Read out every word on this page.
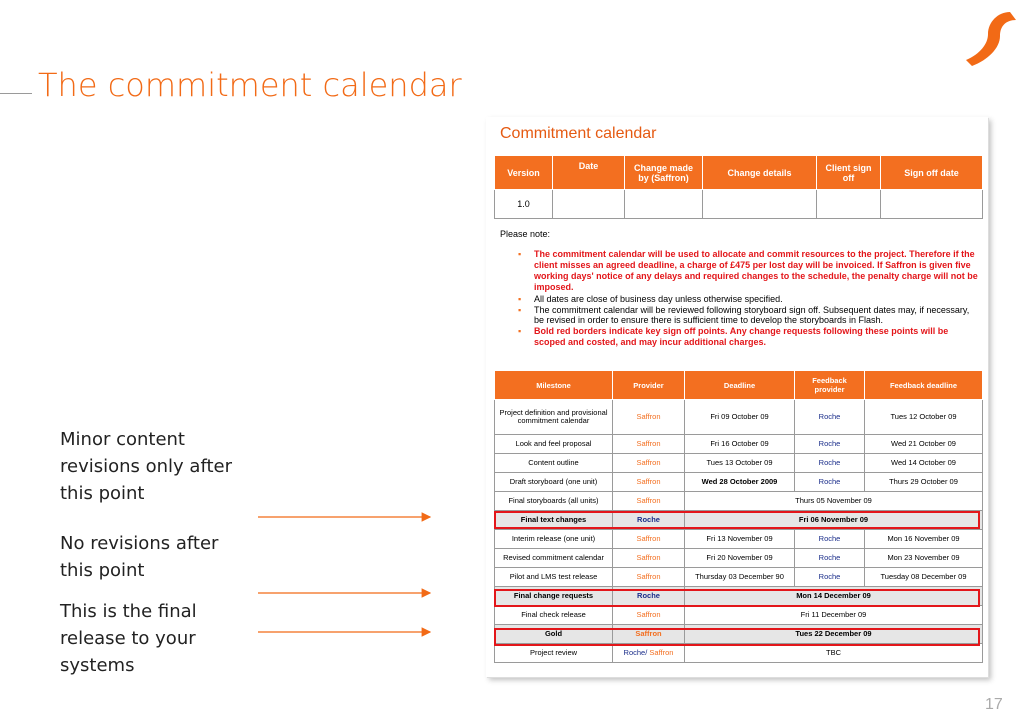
The commitment calendar
Minor content revisions only after this point
No revisions after this point
This is the final release to your systems
Commitment calendar
Version	Date	Change made by (Saffron)	Change details	Client sign off	Sign off date
1.0					
Please note:
▪ The commitment calendar will be used to allocate and commit resources to the project. Therefore if the client misses an agreed deadline, a charge of £475 per lost day will be invoiced. If Saffron is given five working days' notice of any delays and required changes to the schedule, the penalty charge will not be imposed.
▪ All dates are close of business day unless otherwise specified.
▪ The commitment calendar will be reviewed following storyboard sign off. Subsequent dates may, if necessary, be revised in order to ensure there is sufficient time to develop the storyboards in Flash.
▪ Bold red borders indicate key sign off points. Any change requests following these points will be scoped and costed, and may incur additional charges.
Milestone	Provider	Deadline	Feedback provider	Feedback deadline
Project definition and provisional commitment calendar	Saffron	Fri 09 October 09	Roche	Tues 12 October 09
Look and feel proposal	Saffron	Fri 16 October 09	Roche	Wed 21 October 09
Content outline	Saffron	Tues 13 October 09	Roche	Wed 14 October 09
Draft storyboard (one unit)	Saffron	Wed 28 October 2009	Roche	Thurs 29 October 09
Final storyboards (all units)	Saffron	Thurs 05 November 09		
Final text changes	Roche	Fri 06 November 09		
Interim release (one unit)	Saffron	Fri 13 November 09	Roche	Mon 16 November 09
Revised commitment calendar	Saffron	Fri 20 November 09	Roche	Mon 23 November 09
Pilot and LMS test release	Saffron	Thursday 03 December 90	Roche	Tuesday 08 December 09
Final change requests	Roche	Mon 14 December 09		
Final check release	Saffron	Fri 11 December 09		
Gold	Saffron	Tues 22 December 09		
Project review	Roche/ Saffron	TBC		
17
